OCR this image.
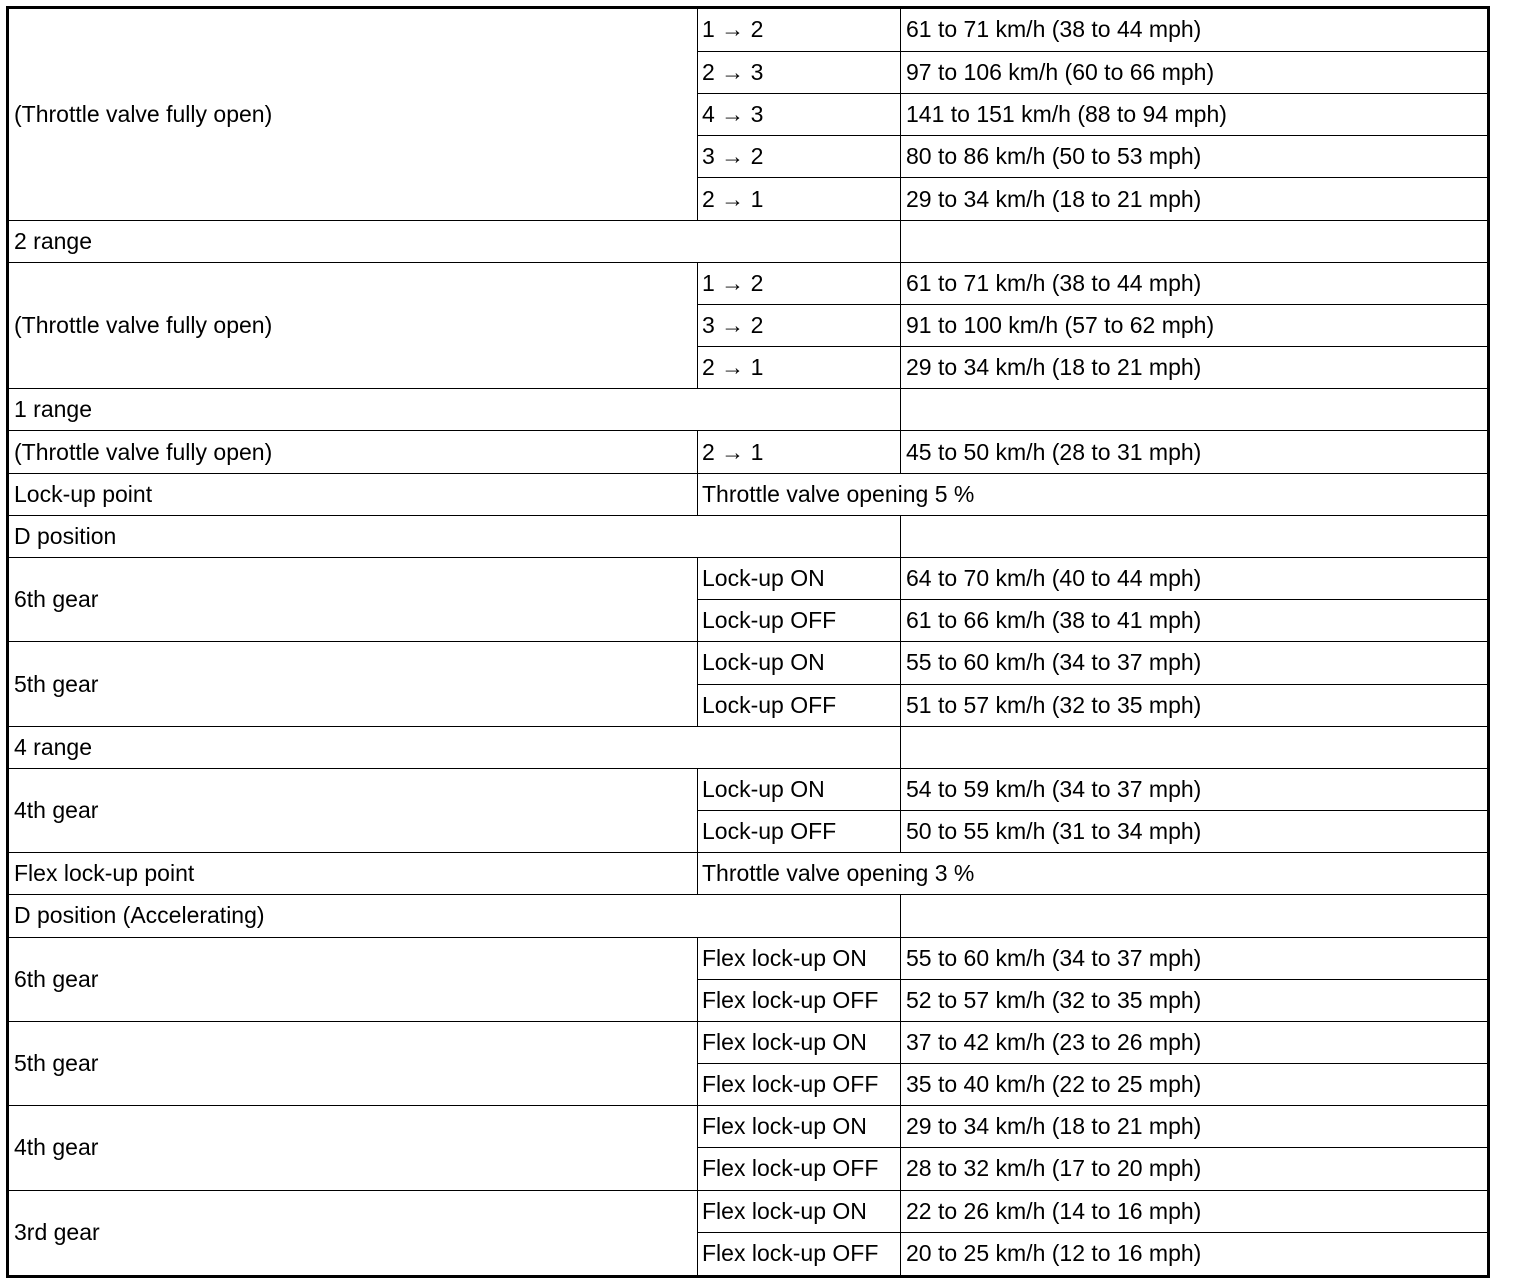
(Throttle valve fully open)	1 → 2	61 to 71 km/h (38 to 44 mph)
	2 → 3	97 to 106 km/h (60 to 66 mph)
	4 → 3	141 to 151 km/h (88 to 94 mph)
	3 → 2	80 to 86 km/h (50 to 53 mph)
	2 → 1	29 to 34 km/h (18 to 21 mph)
2 range		
(Throttle valve fully open)	1 → 2	61 to 71 km/h (38 to 44 mph)
	3 → 2	91 to 100 km/h (57 to 62 mph)
	2 → 1	29 to 34 km/h (18 to 21 mph)
1 range		
(Throttle valve fully open)	2 → 1	45 to 50 km/h (28 to 31 mph)
Lock-up point	Throttle valve opening 5 %	
D position		
6th gear	Lock-up ON	64 to 70 km/h (40 to 44 mph)
	Lock-up OFF	61 to 66 km/h (38 to 41 mph)
5th gear	Lock-up ON	55 to 60 km/h (34 to 37 mph)
	Lock-up OFF	51 to 57 km/h (32 to 35 mph)
4 range		
4th gear	Lock-up ON	54 to 59 km/h (34 to 37 mph)
	Lock-up OFF	50 to 55 km/h (31 to 34 mph)
Flex lock-up point	Throttle valve opening 3 %	
D position (Accelerating)		
6th gear	Flex lock-up ON	55 to 60 km/h (34 to 37 mph)
	Flex lock-up OFF	52 to 57 km/h (32 to 35 mph)
5th gear	Flex lock-up ON	37 to 42 km/h (23 to 26 mph)
	Flex lock-up OFF	35 to 40 km/h (22 to 25 mph)
4th gear	Flex lock-up ON	29 to 34 km/h (18 to 21 mph)
	Flex lock-up OFF	28 to 32 km/h (17 to 20 mph)
3rd gear	Flex lock-up ON	22 to 26 km/h (14 to 16 mph)
	Flex lock-up OFF	20 to 25 km/h (12 to 16 mph)
